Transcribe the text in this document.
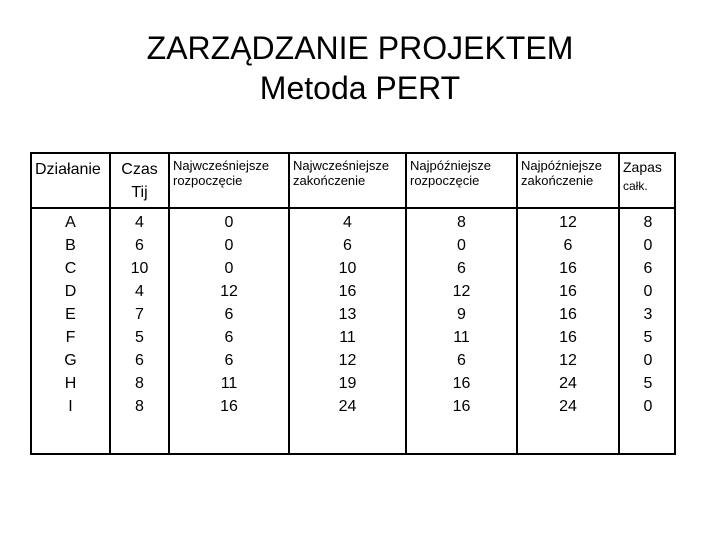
ZARZĄDZANIE PROJEKTEM
Metoda PERT
Działanie	Czas
Tij
Najwcześniejsze
rozpoczęcie
Najwcześniejsze
zakończenie
Najpóźniejsze
rozpoczęcie
Najpóźniejsze
zakończenie
Zapas
całk.
A
B
C
D
E
F
G
H
I
4
6
10
4
7
5
6
8
8
0
0
0
12
6
6
6
11
16
4
6
10
16
13
11
12
19
24
8
0
6
12
9
11
6
16
16
12
6
16
16
16
16
12
24
24
8
0
6
0
3
5
0
5
0
